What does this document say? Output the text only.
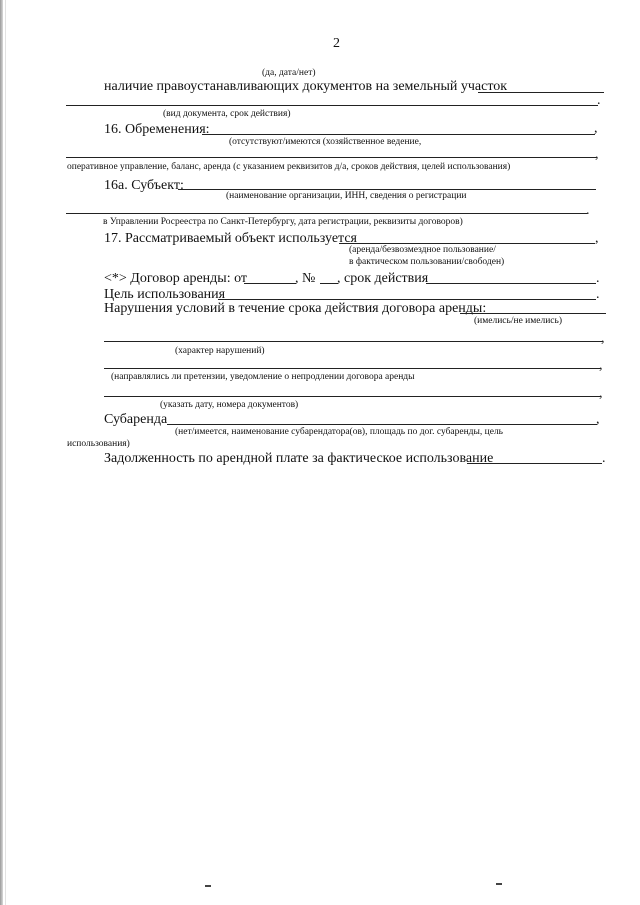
2
(да, дата/нет)
наличие правоустанавливающих документов на земельный участок
.
(вид документа, срок действия)
16. Обременения:	,
(отсутствуют/имеются (хозяйственное ведение,
,
оперативное управление, баланс, аренда (с указанием реквизитов д/а, сроков действия, целей использования)
16а. Субъект:
(наименование организации, ИНН, сведения о регистрации
.
в Управлении Росреестра по Санкт-Петербургу, дата регистрации, реквизиты договоров)
17. Рассматриваемый объект используется	,
(аренда/безвозмездное пользование/
в фактическом пользовании/свободен)
<*> Договор аренды: от	, № , срок действия	.
Цель использования	.
Нарушения условий в течение срока действия договора аренды:
(имелись/не имелись)
,
(характер нарушений)
,
(направлялись ли претензии, уведомление о непродлении договора аренды
,
(указать дату, номера документов)
Субаренда	,
(нет/имеется, наименование субарендатора(ов), площадь по дог. субаренды, цель
использования)
Задолженность по арендной плате за фактическое использование	.
